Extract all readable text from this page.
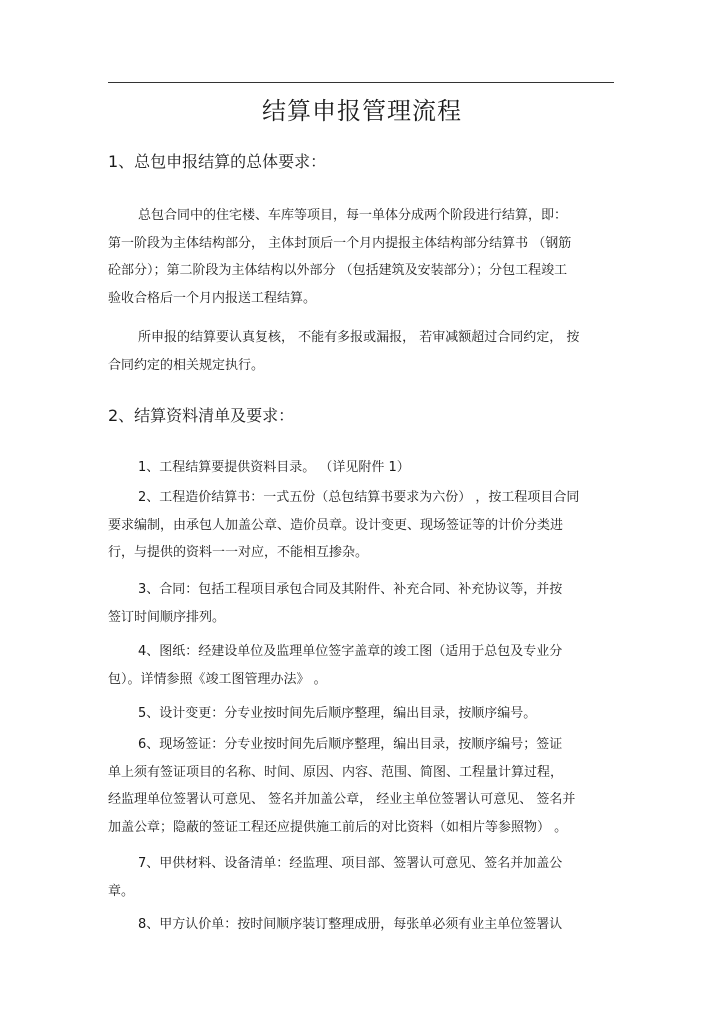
结算申报管理流程
1、总包申报结算的总体要求：
总包合同中的住宅楼、车库等项目，每一单体分成两个阶段进行结算，即：
第一阶段为主体结构部分， 主体封顶后一个月内提报主体结构部分结算书 （钢筋
砼部分）；第二阶段为主体结构以外部分 （包括建筑及安装部分）；分包工程竣工
验收合格后一个月内报送工程结算。
所申报的结算要认真复核， 不能有多报或漏报， 若审减额超过合同约定， 按
合同约定的相关规定执行。
2、结算资料清单及要求：
1、工程结算要提供资料目录。 （详见附件 1）
2、工程造价结算书：一式五份（总包结算书要求为六份） ，按工程项目合同
要求编制，由承包人加盖公章、造价员章。设计变更、现场签证等的计价分类进
行，与提供的资料一一对应，不能相互掺杂。
3、合同：包括工程项目承包合同及其附件、补充合同、补充协议等，并按
签订时间顺序排列。
4、图纸：经建设单位及监理单位签字盖章的竣工图（适用于总包及专业分
包）。详情参照《竣工图管理办法》 。
5、设计变更：分专业按时间先后顺序整理，编出目录，按顺序编号。
6、现场签证：分专业按时间先后顺序整理，编出目录，按顺序编号；签证
单上须有签证项目的名称、时间、原因、内容、范围、简图、工程量计算过程，
经监理单位签署认可意见、 签名并加盖公章， 经业主单位签署认可意见、 签名并
加盖公章；隐蔽的签证工程还应提供施工前后的对比资料（如相片等参照物） 。
7、甲供材料、设备清单：经监理、项目部、签署认可意见、签名并加盖公
章。
8、甲方认价单：按时间顺序装订整理成册，每张单必须有业主单位签署认
